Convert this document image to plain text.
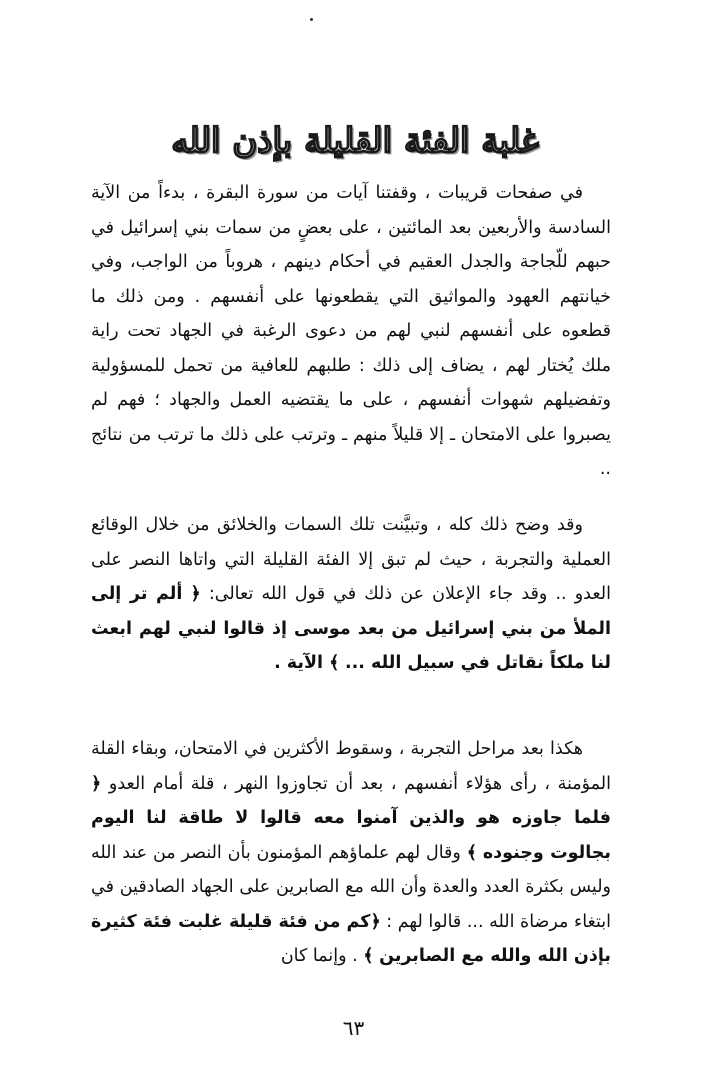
غلبة الفئة القليلة بإذن الله

في صفحات قريبات ، وقفتنا آيات من سورة البقرة ، بدءاً من الآية السادسة والأربعين بعد المائتين ، على بعضٍ من سمات بني إسرائيل في حبهم للّجاجة والجدل العقيم في أحكام دينهم ، هروباً من الواجب، وفي خيانتهم العهود والمواثيق التي يقطعونها على أنفسهم . ومن ذلك ما قطعوه على أنفسهم لنبي لهم من دعوى الرغبة في الجهاد تحت راية ملك يُختار لهم ، يضاف إلى ذلك : طلبهم للعافية من تحمل للمسؤولية وتفضيلهم شهوات أنفسهم ، على ما يقتضيه العمل والجهاد ؛ فهم لم يصبروا على الامتحان ـ إلا قليلاً منهم ـ وترتب على ذلك ما ترتب من نتائج ..

وقد وضح ذلك كله ، وتبيَّنت تلك السمات والخلائق من خلال الوقائع العملية والتجربة ، حيث لم تبق إلا الفئة القليلة التي واتاها النصر على العدو .. وقد جاء الإعلان عن ذلك في قول الله تعالى: ﴿ ألم تر إلى الملأ من بني إسرائيل من بعد موسى إذ قالوا لنبي لهم ابعث لنا ملكاً نقاتل في سبيل الله ... ﴾ الآية .

هكذا بعد مراحل التجربة ، وسقوط الأكثرين في الامتحان، وبقاء القلة المؤمنة ، رأى هؤلاء أنفسهم ، بعد أن تجاوزوا النهر ، قلة أمام العدو ﴿ فلما جاوزه هو والذين آمنوا معه قالوا لا طاقة لنا اليوم بجالوت وجنوده ﴾ وقال لهم علماؤهم المؤمنون بأن النصر من عند الله وليس بكثرة العدد والعدة وأن الله مع الصابرين على الجهاد الصادقين في ابتغاء مرضاة الله ... قالوا لهم : ﴿كم من فئة قليلة غلبت فئة كثيرة بإذن الله والله مع الصابرين ﴾ . وإنما كان

٦٣
